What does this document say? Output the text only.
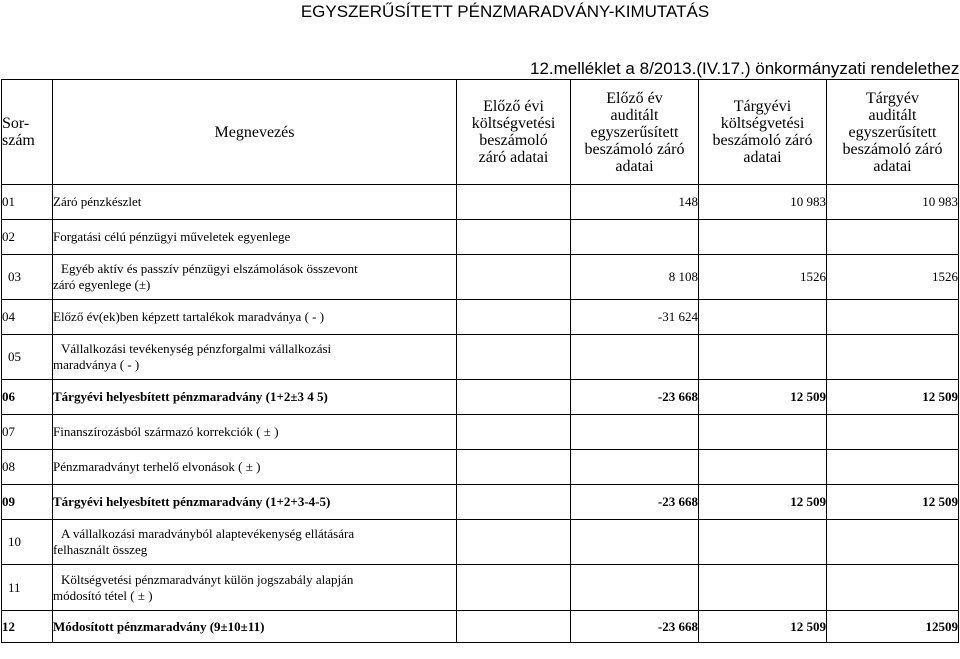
EGYSZERŰSÍTETT PÉNZMARADVÁNY-KIMUTATÁS
12.melléklet a 8/2013.(IV.17.) önkormányzati rendelethez
Sor-
szám	Megnevezés	Előző évi
költségvetési
beszámoló
záró adatai	Előző év
auditált
egyszerűsített
beszámoló záró
adatai	Tárgyévi
költségvetési
beszámoló záró
adatai	Tárgyév
auditált
egyszerűsített
beszámoló záró
adatai

01	Záró pénzkészlet		148	10 983	10 983
02	Forgatási célú pénzügyi műveletek egyenlege				

03	Egyéb aktív és passzív pénzügyi elszámolások összevont
záró egyenlege (±)		8 108	1526	1526
04	Előző év(ek)ben képzett tartalékok maradványa ( - )		-31 624		
05	Vállalkozási tevékenység pénzforgalmi vállalkozási
maradványa ( - )				

06	Tárgyévi helyesbített pénzmaradvány (1+2±3 4 5)		-23 668	12 509	12 509
07	Finanszírozásból származó korrekciók ( ± )				

08	Pénzmaradványt terhelő elvonások ( ± )				

09	Tárgyévi helyesbített pénzmaradvány (1+2+3-4-5)		-23 668	12 509	12 509
10	A vállalkozási maradványból alaptevékenység ellátására
felhasznált összeg				

11	Költségvetési pénzmaradványt külön jogszabály alapján
módosító tétel ( ± )				

12	Módosított pénzmaradvány (9±10±11)		-23 668	12 509	12509
